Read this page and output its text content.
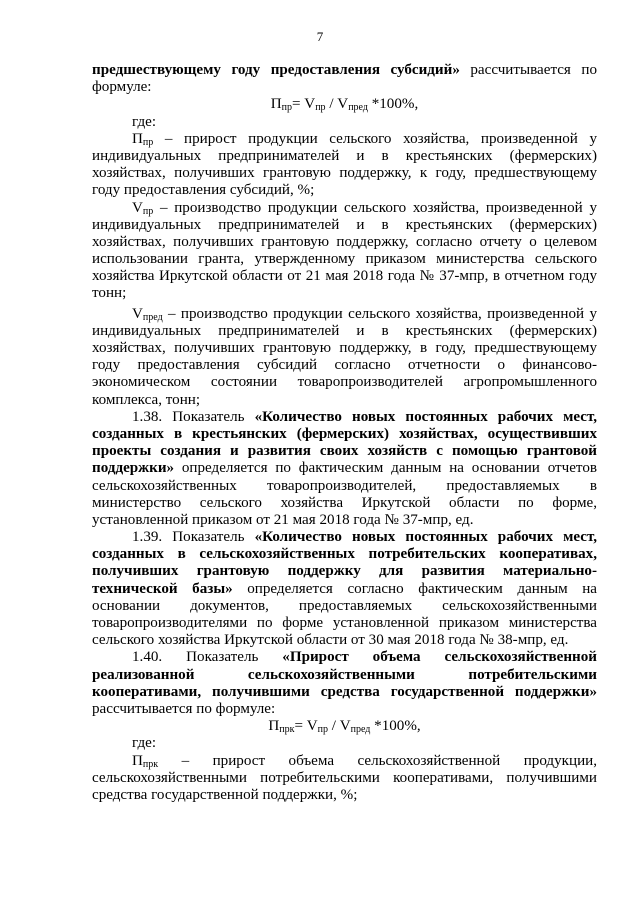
7
предшествующему году предоставления субсидий» рассчитывается по
формуле:
$П_{пр}= V_{пр} / V_{пред}$ *100%,
где:
$П_{пр}$ – прирост продукции сельского хозяйства, произведенной у
индивидуальных предпринимателей и в крестьянских (фермерских)
хозяйствах, получивших грантовую поддержку, к году, предшествующему
году предоставления субсидий, %;
$V_{пр}$ – производство продукции сельского хозяйства, произведенной у
индивидуальных предпринимателей и в крестьянских (фермерских)
хозяйствах, получивших грантовую поддержку, согласно отчету о целевом
использовании гранта, утвержденному приказом министерства сельского
хозяйства Иркутской области от 21 мая 2018 года № 37-мпр, в отчетном году
тонн;
$V_{пред}$ – производство продукции сельского хозяйства, произведенной у
индивидуальных предпринимателей и в крестьянских (фермерских)
хозяйствах, получивших грантовую поддержку, в году, предшествующему
году предоставления субсидий согласно отчетности о финансово-
экономическом состоянии товаропроизводителей агропромышленного
комплекса, тонн;
1.38. Показатель «Количество новых постоянных рабочих мест,
созданных в крестьянских (фермерских) хозяйствах, осуществивших
проекты создания и развития своих хозяйств с помощью грантовой
поддержки» определяется по фактическим данным на основании отчетов
сельскохозяйственных товаропроизводителей, предоставляемых в
министерство сельского хозяйства Иркутской области по форме,
установленной приказом от 21 мая 2018 года № 37-мпр, ед.
1.39. Показатель «Количество новых постоянных рабочих мест,
созданных в сельскохозяйственных потребительских кооперативах,
получивших грантовую поддержку для развития материально-
технической базы» определяется согласно фактическим данным на
основании документов, предоставляемых сельскохозяйственными
товаропроизводителями по форме установленной приказом министерства
сельского хозяйства Иркутской области от 30 мая 2018 года № 38-мпр, ед.
1.40. Показатель «Прирост объема сельскохозяйственной
реализованной сельскохозяйственными потребительскими
кооперативами, получившими средства государственной поддержки»
рассчитывается по формуле:
$П_{прк}= V_{пр} / V_{пред}$ *100%,
где:
$П_{прк}$ – прирост объема сельскохозяйственной продукции,
сельскохозяйственными потребительскими кооперативами, получившими
средства государственной поддержки, %;
